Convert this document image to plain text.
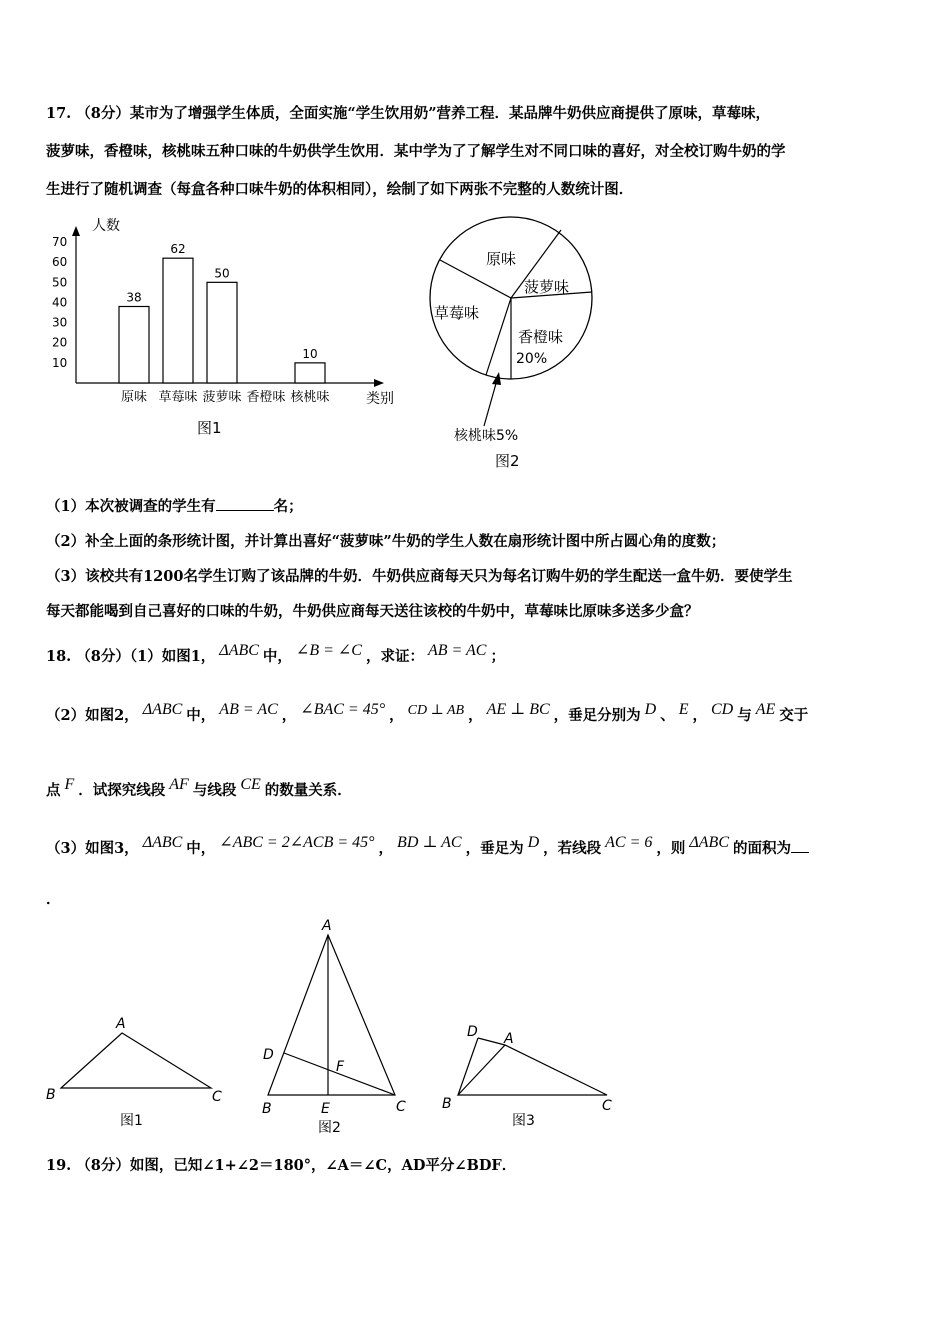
17. （8分）某市为了增强学生体质，全面实施“学生饮用奶”营养工程．某品牌牛奶供应商提供了原味，草莓味，
菠萝味，香橙味，核桃味五种口味的牛奶供学生饮用．某中学为了了解学生对不同口味的喜好，对全校订购牛奶的学
生进行了随机调查（每盒各种口味牛奶的体积相同），绘制了如下两张不完整的人数统计图．
人数
10
20
30
40
50
60
70
38
62
50
10
原味 草莓味 菠萝味 香橙味 核桃味	类别
图1
原味
菠萝味
香橙味
20%
草莓味
核桃味5%
图2
（1）本次被调查的学生有	名；
（2）补全上面的条形统计图，并计算出喜好“菠萝味”牛奶的学生人数在扇形统计图中所占圆心角的度数；
（3）该校共有1200名学生订购了该品牌的牛奶．牛奶供应商每天只为每名订购牛奶的学生配送一盒牛奶．要使学生
每天都能喝到自己喜好的口味的牛奶，牛奶供应商每天送往该校的牛奶中，草莓味比原味多送多少盒？
18. （8分）（1）如图1， ΔABC 中， ∠B = ∠C ，求证： AB = AC ；
（2）如图2， ΔABC 中， AB = AC ， ∠BAC = 45° ， CD ⊥ AB ， AE ⊥ BC ，垂足分别为 D 、 E ， CD 与 AE 交于
点 F ．试探究线段 AF 与线段 CE 的数量关系．
（3）如图3， ΔABC 中， ∠ABC = 2∠ACB = 45° ， BD ⊥ AC ，垂足为 D ，若线段 AC = 6 ，则 ΔABC 的面积为
．
A
B	C
图1
A
D
F
B	E	C
图2
D A
B	C
图3
19. （8分）如图，已知∠1+∠2＝180°，∠A＝∠C，AD平分∠BDF．
